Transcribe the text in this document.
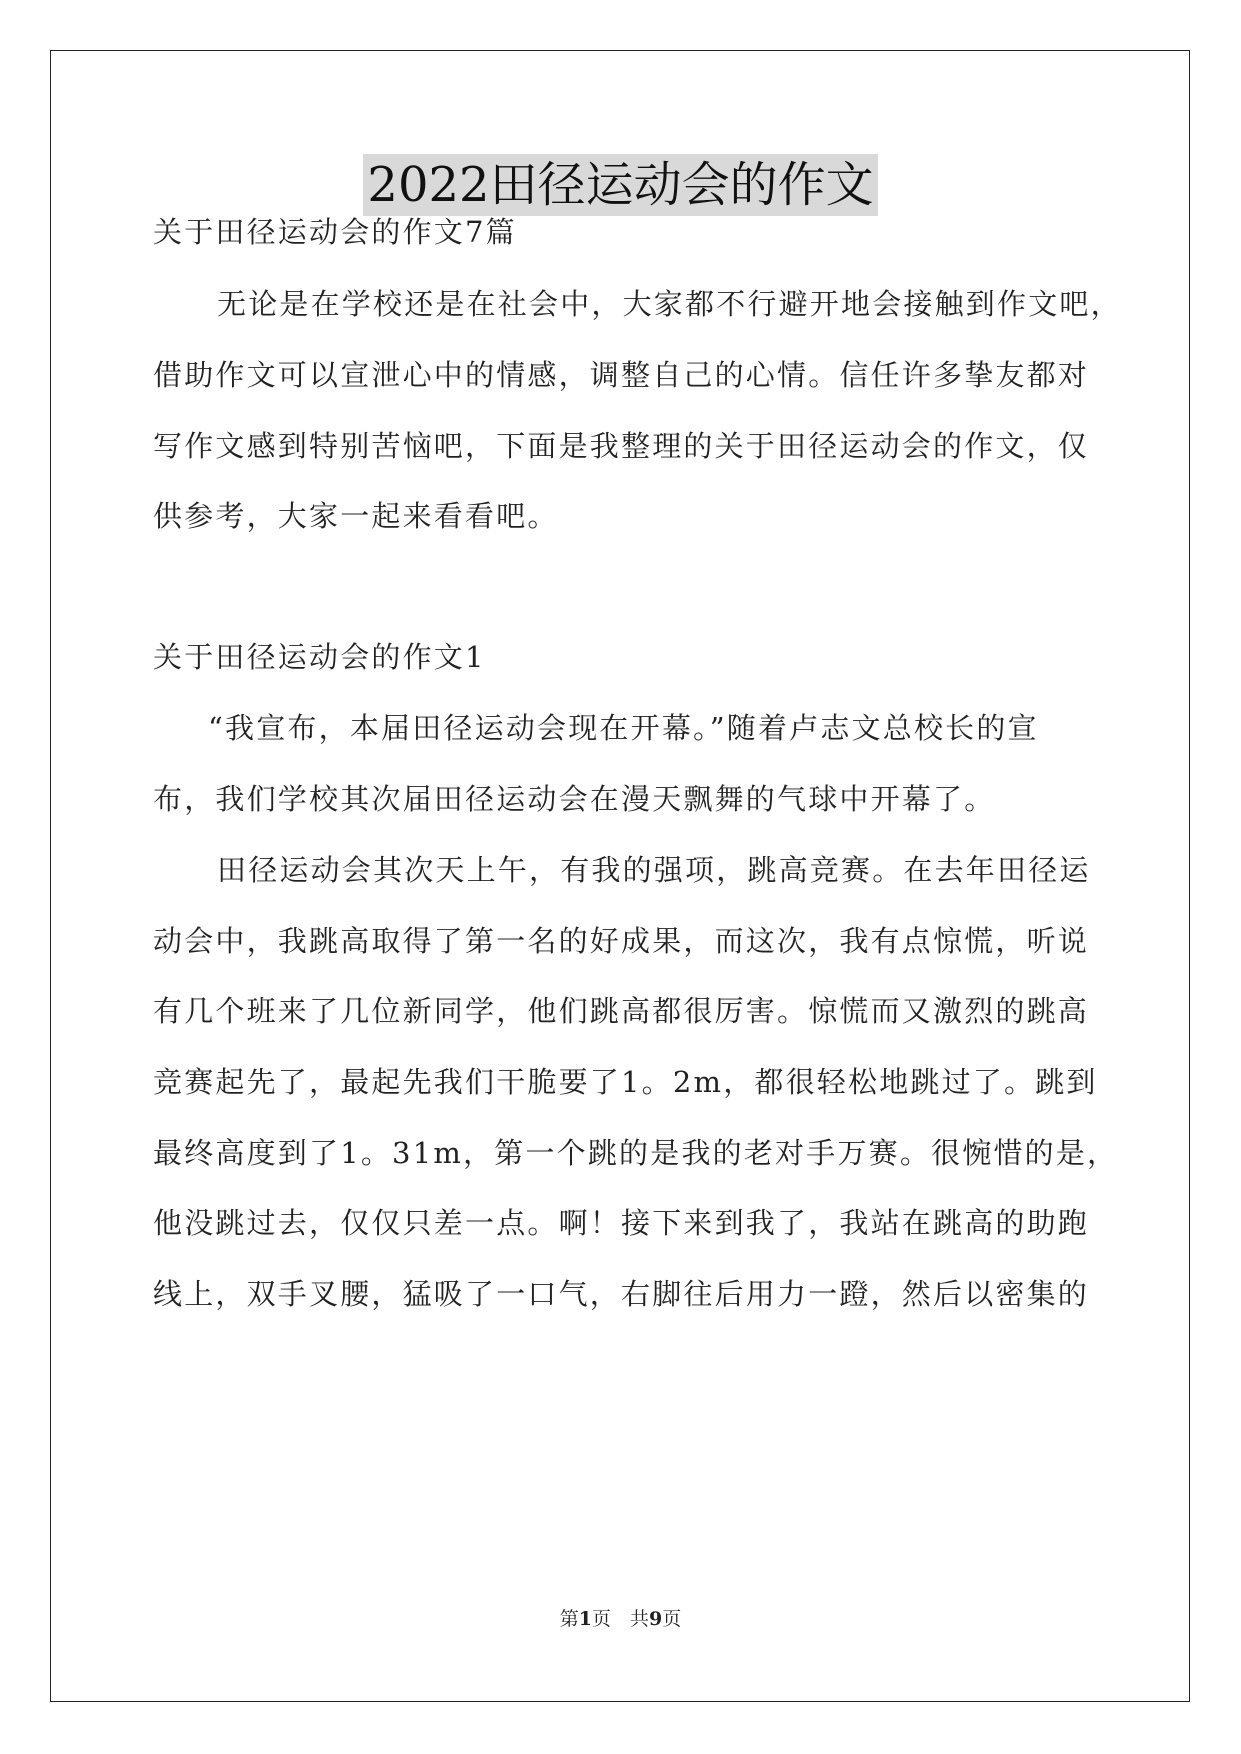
2022田径运动会的作文

关于田径运动会的作文7篇

无论是在学校还是在社会中，大家都不行避开地会接触到作文吧，

借助作文可以宣泄心中的情感，调整自己的心情。信任许多挚友都对

写作文感到特别苦恼吧，下面是我整理的关于田径运动会的作文，仅

供参考，大家一起来看看吧。

关于田径运动会的作文1

“我宣布，本届田径运动会现在开幕。”随着卢志文总校长的宣

布，我们学校其次届田径运动会在漫天飘舞的气球中开幕了。

田径运动会其次天上午，有我的强项，跳高竞赛。在去年田径运

动会中，我跳高取得了第一名的好成果，而这次，我有点惊慌，听说

有几个班来了几位新同学，他们跳高都很厉害。惊慌而又激烈的跳高

竞赛起先了，最起先我们干脆要了1。2m，都很轻松地跳过了。跳到

最终高度到了1。31m，第一个跳的是我的老对手万赛。很惋惜的是，

他没跳过去，仅仅只差一点。啊！接下来到我了，我站在跳高的助跑

线上，双手叉腰，猛吸了一口气，右脚往后用力一蹬，然后以密集的

第1页　共9页
